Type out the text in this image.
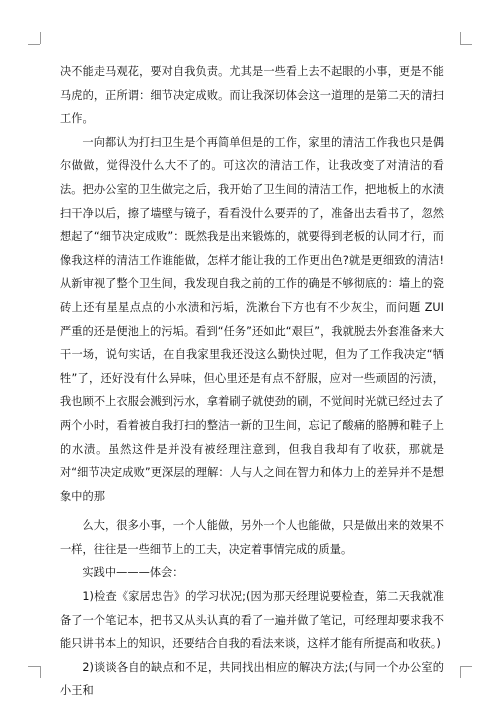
决不能走马观花，要对自我负责。尤其是一些看上去不起眼的小事，更是不能马虎的，正所谓：细节决定成败。而让我深切体会这一道理的是第二天的清扫工作。

一向都认为打扫卫生是个再简单但是的工作，家里的清洁工作我也只是偶尔做做，觉得没什么大不了的。可这次的清洁工作，让我改变了对清洁的看法。把办公室的卫生做完之后，我开始了卫生间的清洁工作，把地板上的水渍扫干净以后，擦了墙壁与镜子，看看没什么要弄的了，准备出去看书了，忽然想起了“细节决定成败”：既然我是出来锻炼的，就要得到老板的认同才行，而像我这样的清洁工作谁能做，怎样才能让我的工作更出色?就是更细致的清洁!从新审视了整个卫生间，我发现自我之前的工作的确是不够彻底的：墙上的瓷砖上还有星星点点的小水渍和污垢，洗漱台下方也有不少灰尘，而问题 ZUI 严重的还是便池上的污垢。看到“任务”还如此“艰巨”，我就脱去外套准备来大干一场，说句实话，在自我家里我还没这么勤快过呢，但为了工作我决定“牺牲”了，还好没有什么异味，但心里还是有点不舒服，应对一些顽固的污渍，我也顾不上衣服会溅到污水，拿着刷子就使劲的刷，不觉间时光就已经过去了两个小时，看着被自我打扫的整洁一新的卫生间，忘记了酸痛的胳膊和鞋子上的水渍。虽然这件是并没有被经理注意到，但我自我却有了收获，那就是对“细节决定成败”更深层的理解：人与人之间在智力和体力上的差异并不是想象中的那

么大，很多小事，一个人能做，另外一个人也能做，只是做出来的效果不一样，往往是一些细节上的工夫，决定着事情完成的质量。

实践中———体会：

1)检查《家居忠告》的学习状况;(因为那天经理说要检查，第二天我就准备了一个笔记本，把书又从头认真的看了一遍并做了笔记，可经理却要求我不能只讲书本上的知识，还要结合自我的看法来谈，这样才能有所提高和收获。)

2)谈谈各自的缺点和不足，共同找出相应的解决方法;(与同一个办公室的小王和
